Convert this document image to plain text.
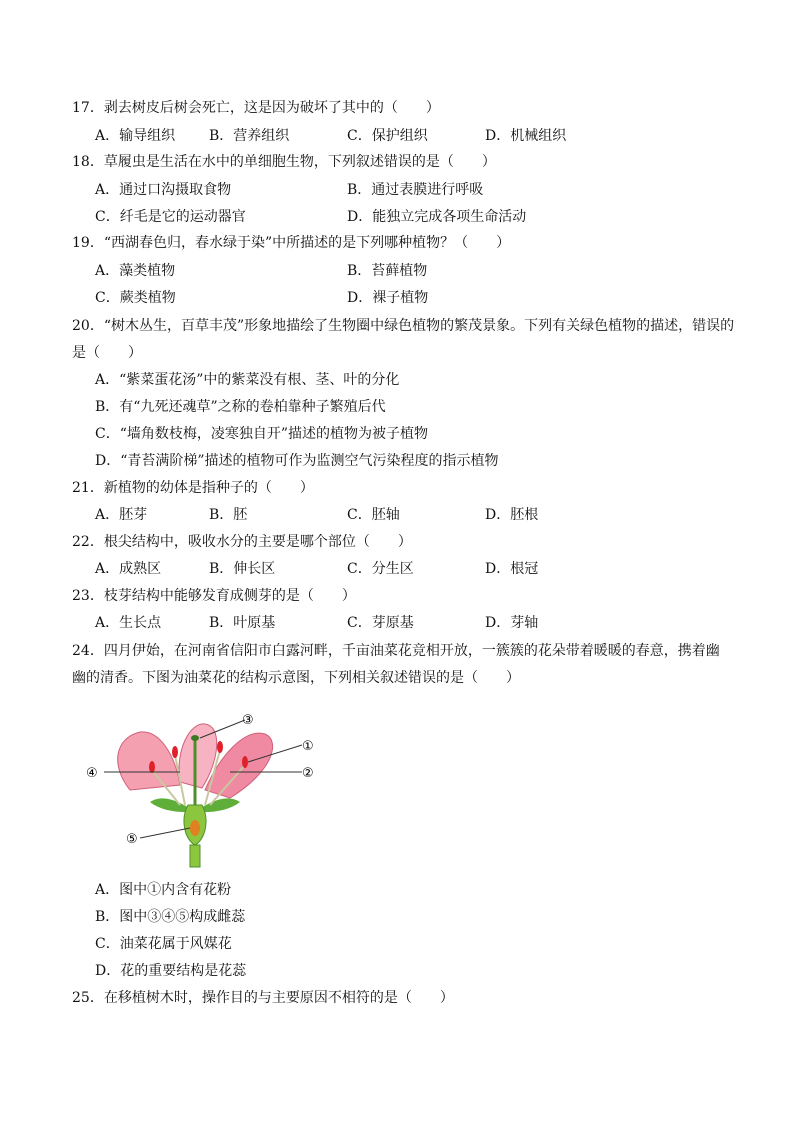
17．剥去树皮后树会死亡，这是因为破坏了其中的（　　）
A．输导组织 B．营养组织	C．保护组织	D．机械组织
18．草履虫是生活在水中的单细胞生物，下列叙述错误的是（　　）
A．通过口沟摄取食物	B．通过表膜进行呼吸
C．纤毛是它的运动器官	D．能独立完成各项生命活动
19．“西湖春色归，春水绿于染”中所描述的是下列哪种植物？（　　）
A．藻类植物	B．苔藓植物
C．蕨类植物	D．裸子植物
20．“树木丛生，百草丰茂”形象地描绘了生物圈中绿色植物的繁茂景象。下列有关绿色植物的描述，错误的
是（　　）
A．“紫菜蛋花汤”中的紫菜没有根、茎、叶的分化
B．有“九死还魂草”之称的卷柏靠种子繁殖后代
C．“墙角数枝梅，凌寒独自开”描述的植物为被子植物
D．“青苔满阶梯”描述的植物可作为监测空气污染程度的指示植物
21．新植物的幼体是指种子的（　　）
A．胚芽	B．胚	C．胚轴	D．胚根
22．根尖结构中，吸收水分的主要是哪个部位（　　）
A．成熟区	B．伸长区	C．分生区	D．根冠
23．枝芽结构中能够发育成侧芽的是（　　）
A．生长点	B．叶原基	C．芽原基	D．芽轴
24．四月伊始，在河南省信阳市白露河畔，千亩油菜花竞相开放，一簇簇的花朵带着暖暖的春意，携着幽
幽的清香。下图为油菜花的结构示意图，下列相关叙述错误的是（　　）
③
①
②
④
⑤
A．图中①内含有花粉
B．图中③④⑤构成雌蕊
C．油菜花属于风媒花
D．花的重要结构是花蕊
25．在移植树木时，操作目的与主要原因不相符的是（　　）
